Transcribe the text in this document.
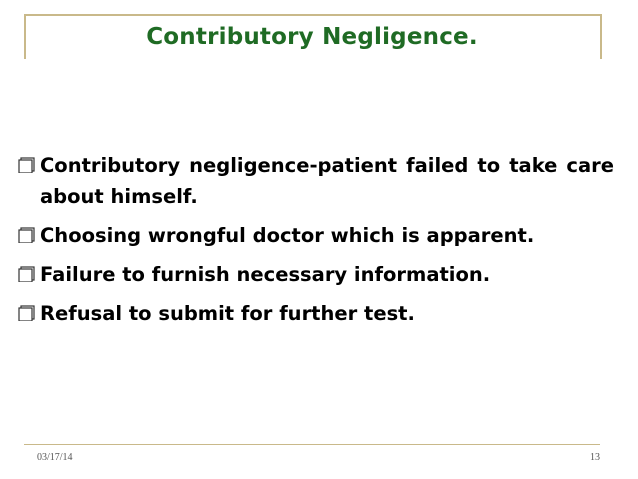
Contributory Negligence.
Contributory negligence-patient failed to take care about himself.
Choosing wrongful doctor which is apparent.
Failure to furnish necessary information.
Refusal to submit for further test.
03/17/14	13
